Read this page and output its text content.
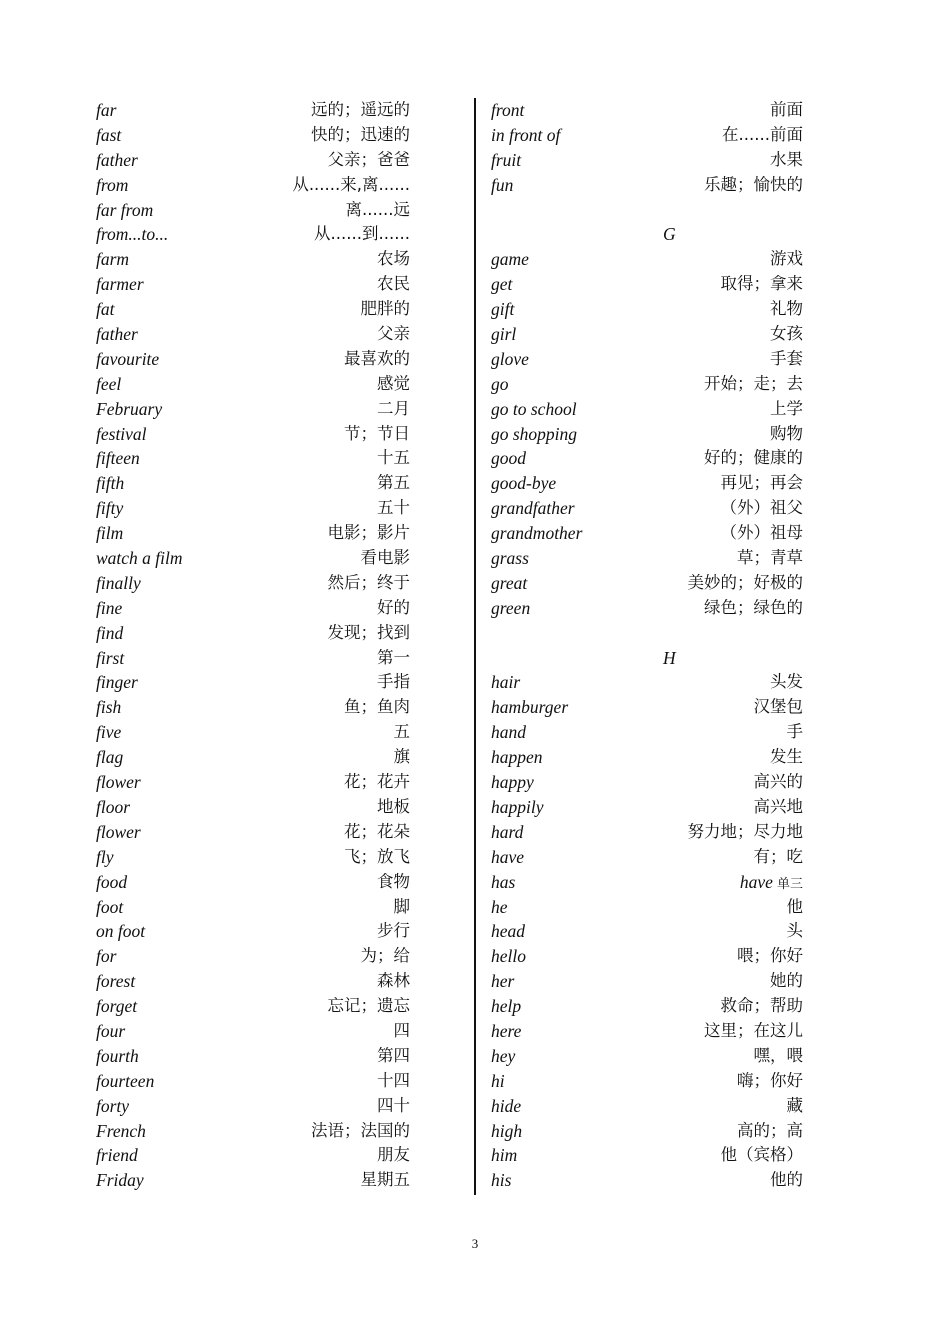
far	远的；遥远的
fast	快的；迅速的
father	父亲；爸爸
from	从......来,离......
far from	离......远
from...to...	从......到......
farm	农场
farmer	农民
fat	肥胖的
father	父亲
favourite	最喜欢的
feel	感觉
February	二月
festival	节；节日
fifteen	十五
fifth	第五
fifty	五十
film	电影；影片
watch a film	看电影
finally	然后；终于
fine	好的
find	发现；找到
first	第一
finger	手指
fish	鱼；鱼肉
five	五
flag	旗
flower	花；花卉
floor	地板
flower	花；花朵
fly	飞；放飞
food	食物
foot	脚
on foot	步行
for	为；给
forest	森林
forget	忘记；遗忘
four	四
fourth	第四
fourteen	十四
forty	四十
French	法语；法国的
friend	朋友
Friday	星期五
front	前面
in front of	在......前面
fruit	水果
fun	乐趣；愉快的
G
game	游戏
get	取得；拿来
gift	礼物
girl	女孩
glove	手套
go	开始；走；去
go to school	上学
go shopping	购物
good	好的；健康的
good-bye	再见；再会
grandfather	（外）祖父
grandmother	（外）祖母
grass	草；青草
great	美妙的；好极的
green	绿色；绿色的
H
hair	头发
hamburger	汉堡包
hand	手
happen	发生
happy	高兴的
happily	高兴地
hard	努力地；尽力地
have	有；吃
has	have 单三
he	他
head	头
hello	喂；你好
her	她的
help	救命；帮助
here	这里；在这儿
hey	嘿，喂
hi	嗨；你好
hide	藏
high	高的；高
him	他（宾格）
his	他的
3
